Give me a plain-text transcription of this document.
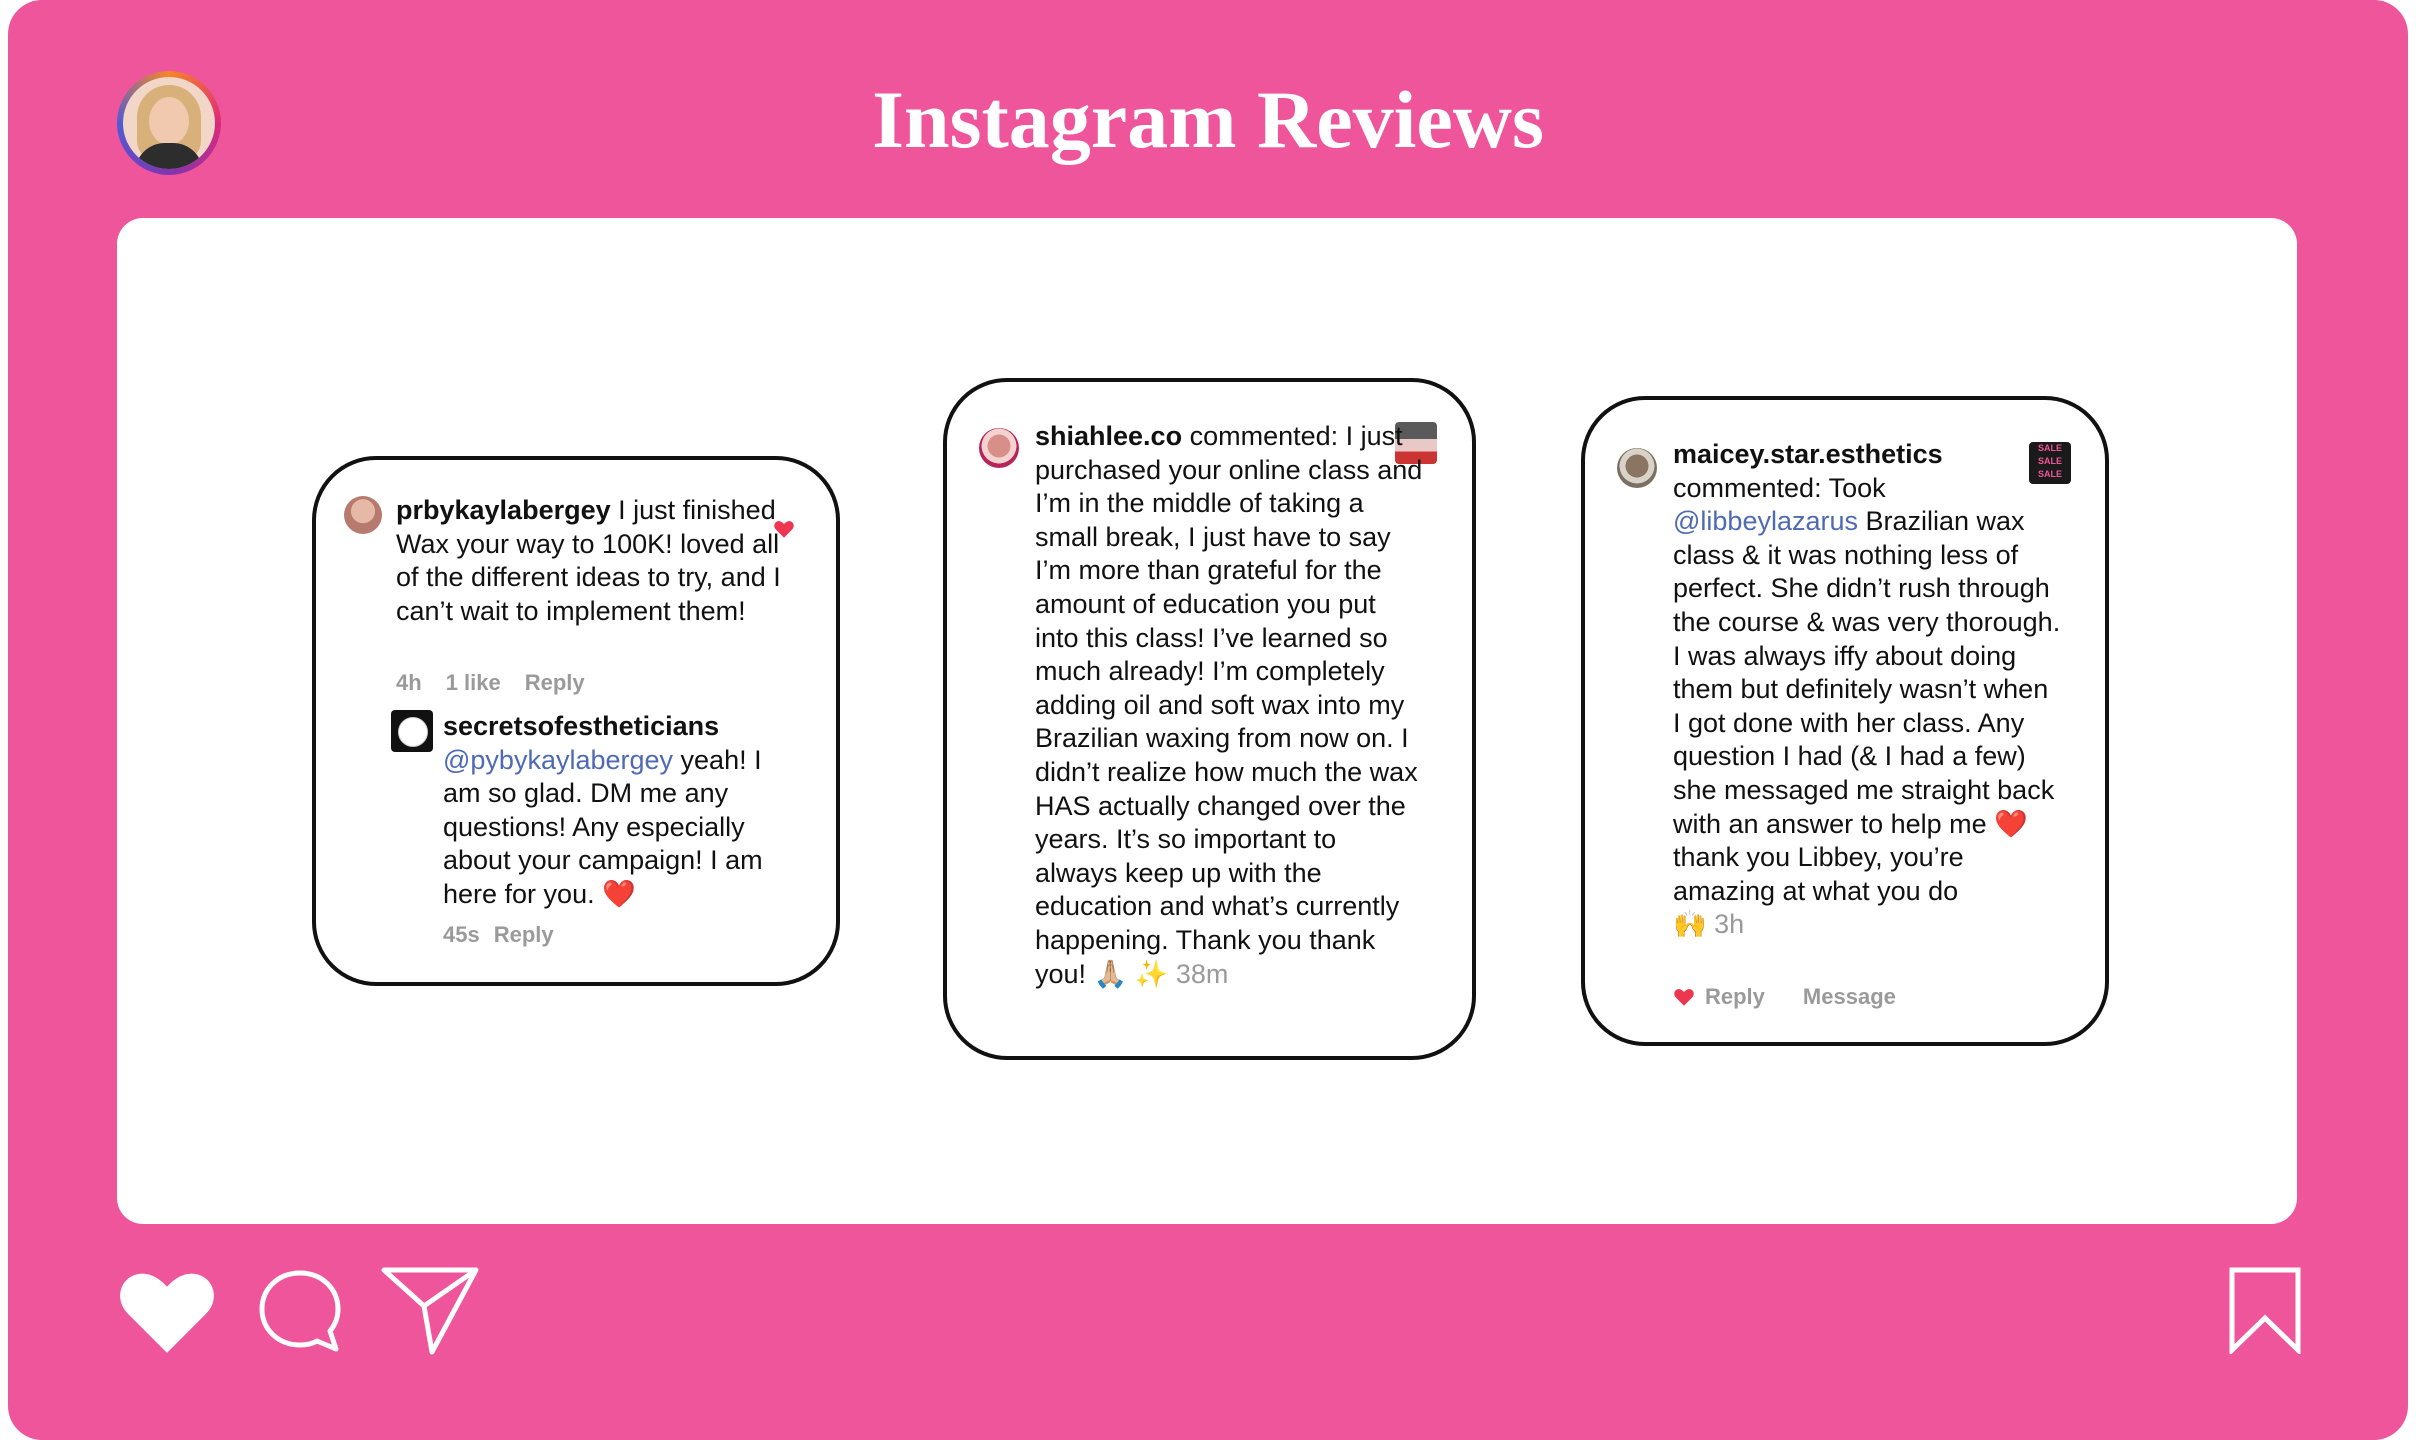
Instagram Reviews
prbykaylabergey I just finished Wax your way to 100K! loved all of the different ideas to try, and I can’t wait to implement them!
4h 1 like Reply
secretsofestheticians
@pybykaylabergey yeah! I am so glad. DM me any questions! Any especially about your campaign! I am here for you. ❤️
45s Reply
shiahlee.co commented: I just purchased your online class and I’m in the middle of taking a small break, I just have to say I’m more than grateful for the amount of education you put into this class! I’ve learned so much already! I’m completely adding oil and soft wax into my Brazilian waxing from now on. I didn’t realize how much the wax HAS actually changed over the years. It’s so important to always keep up with the education and what’s currently happening. Thank you thank you! 🙏🏼 ✨ 38m
SALE
SALE
SALE
maicey.star.esthetics
commented: Took @libbeylazarus Brazilian wax class & it was nothing less of perfect. She didn’t rush through the course & was very thorough. I was always iffy about doing them but definitely wasn’t when I got done with her class. Any question I had (& I had a few) she messaged me straight back with an answer to help me ❤️ thank you Libbey, you’re amazing at what you do
🙌 3h
Reply Message
